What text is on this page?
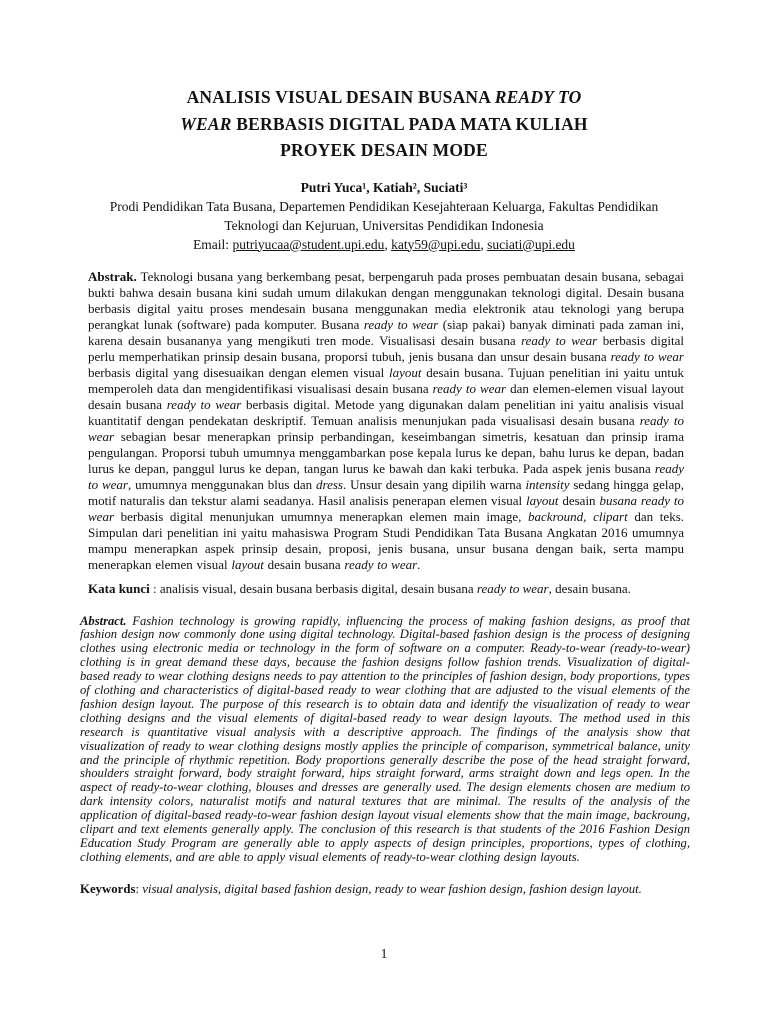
ANALISIS VISUAL DESAIN BUSANA READY TO
WEAR BERBASIS DIGITAL PADA MATA KULIAH
PROYEK DESAIN MODE
Putri Yuca¹, Katiah², Suciati³
Prodi Pendidikan Tata Busana, Departemen Pendidikan Kesejahteraan Keluarga, Fakultas Pendidikan
Teknologi dan Kejuruan, Universitas Pendidikan Indonesia
Email: putriyucaa@student.upi.edu, katy59@upi.edu, suciati@upi.edu

Abstrak. Teknologi busana yang berkembang pesat, berpengaruh pada proses pembuatan desain busana, sebagai bukti bahwa desain busana kini sudah umum dilakukan dengan menggunakan teknologi digital. Desain busana berbasis digital yaitu proses mendesain busana menggunakan media elektronik atau teknologi yang berupa perangkat lunak (software) pada komputer. Busana ready to wear (siap pakai) banyak diminati pada zaman ini, karena desain busananya yang mengikuti tren mode. Visualisasi desain busana ready to wear berbasis digital perlu memperhatikan prinsip desain busana, proporsi tubuh, jenis busana dan unsur desain busana ready to wear berbasis digital yang disesuaikan dengan elemen visual layout desain busana. Tujuan penelitian ini yaitu untuk memperoleh data dan mengidentifikasi visualisasi desain busana ready to wear dan elemen-elemen visual layout desain busana ready to wear berbasis digital. Metode yang digunakan dalam penelitian ini yaitu analisis visual kuantitatif dengan pendekatan deskriptif. Temuan analisis menunjukan pada visualisasi desain busana ready to wear sebagian besar menerapkan prinsip perbandingan, keseimbangan simetris, kesatuan dan prinsip irama pengulangan. Proporsi tubuh umumnya menggambarkan pose kepala lurus ke depan, bahu lurus ke depan, badan lurus ke depan, panggul lurus ke depan, tangan lurus ke bawah dan kaki terbuka. Pada aspek jenis busana ready to wear, umumnya menggunakan blus dan dress. Unsur desain yang dipilih warna intensity sedang hingga gelap, motif naturalis dan tekstur alami seadanya. Hasil analisis penerapan elemen visual layout desain busana ready to wear berbasis digital menunjukan umumnya menerapkan elemen main image, backround, clipart dan teks. Simpulan dari penelitian ini yaitu mahasiswa Program Studi Pendidikan Tata Busana Angkatan 2016 umumnya mampu menerapkan aspek prinsip desain, proposi, jenis busana, unsur busana dengan baik, serta mampu menerapkan elemen visual layout desain busana ready to wear.

Kata kunci : analisis visual, desain busana berbasis digital, desain busana ready to wear, desain busana.

Abstract. Fashion technology is growing rapidly, influencing the process of making fashion designs, as proof that fashion design now commonly done using digital technology. Digital-based fashion design is the process of designing clothes using electronic media or technology in the form of software on a computer. Ready-to-wear (ready-to-wear) clothing is in great demand these days, because the fashion designs follow fashion trends. Visualization of digital-based ready to wear clothing designs needs to pay attention to the principles of fashion design, body proportions, types of clothing and characteristics of digital-based ready to wear clothing that are adjusted to the visual elements of the fashion design layout. The purpose of this research is to obtain data and identify the visualization of ready to wear clothing designs and the visual elements of digital-based ready to wear design layouts. The method used in this research is quantitative visual analysis with a descriptive approach. The findings of the analysis show that visualization of ready to wear clothing designs mostly applies the principle of comparison, symmetrical balance, unity and the principle of rhythmic repetition. Body proportions generally describe the pose of the head straight forward, shoulders straight forward, body straight forward, hips straight forward, arms straight down and legs open. In the aspect of ready-to-wear clothing, blouses and dresses are generally used. The design elements chosen are medium to dark intensity colors, naturalist motifs and natural textures that are minimal. The results of the analysis of the application of digital-based ready-to-wear fashion design layout visual elements show that the main image, backroung, clipart and text elements generally apply. The conclusion of this research is that students of the 2016 Fashion Design Education Study Program are generally able to apply aspects of design principles, proportions, types of clothing, clothing elements, and are able to apply visual elements of ready-to-wear clothing design layouts.

Keywords: visual analysis, digital based fashion design, ready to wear fashion design, fashion design layout.

1
